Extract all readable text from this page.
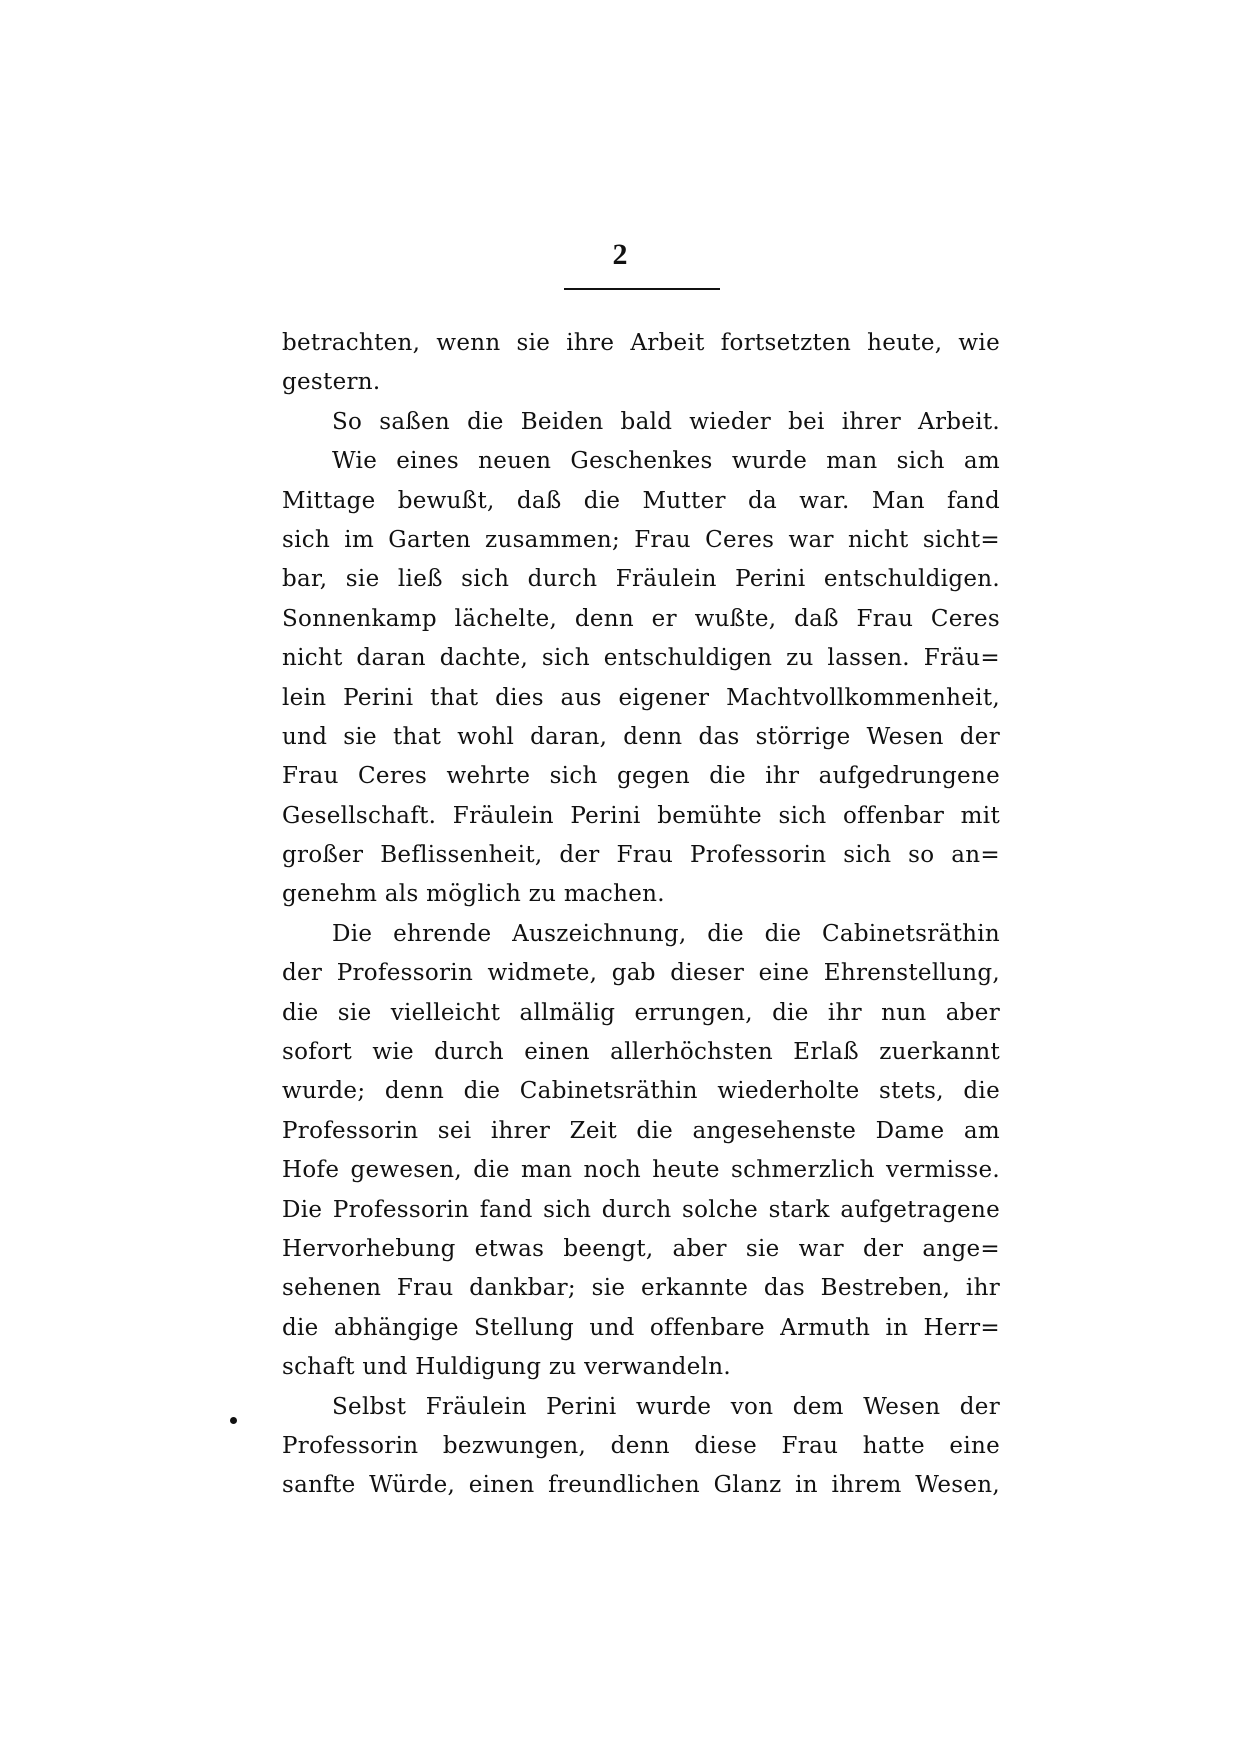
2
betrachten, wenn sie ihre Arbeit fortsetzten heute, wie
gestern.
So saßen die Beiden bald wieder bei ihrer Arbeit.
Wie eines neuen Geschenkes wurde man sich am
Mittage bewußt, daß die Mutter da war. Man fand
sich im Garten zusammen; Frau Ceres war nicht sicht=
bar, sie ließ sich durch Fräulein Perini entschuldigen.
Sonnenkamp lächelte, denn er wußte, daß Frau Ceres
nicht daran dachte, sich entschuldigen zu lassen. Fräu=
lein Perini that dies aus eigener Machtvollkommenheit,
und sie that wohl daran, denn das störrige Wesen der
Frau Ceres wehrte sich gegen die ihr aufgedrungene
Gesellschaft. Fräulein Perini bemühte sich offenbar mit
großer Beflissenheit, der Frau Professorin sich so an=
genehm als möglich zu machen.
Die ehrende Auszeichnung, die die Cabinetsräthin
der Professorin widmete, gab dieser eine Ehrenstellung,
die sie vielleicht allmälig errungen, die ihr nun aber
sofort wie durch einen allerhöchsten Erlaß zuerkannt
wurde; denn die Cabinetsräthin wiederholte stets, die
Professorin sei ihrer Zeit die angesehenste Dame am
Hofe gewesen, die man noch heute schmerzlich vermisse.
Die Professorin fand sich durch solche stark aufgetragene
Hervorhebung etwas beengt, aber sie war der ange=
sehenen Frau dankbar; sie erkannte das Bestreben, ihr
die abhängige Stellung und offenbare Armuth in Herr=
schaft und Huldigung zu verwandeln.
Selbst Fräulein Perini wurde von dem Wesen der
Professorin bezwungen, denn diese Frau hatte eine
sanfte Würde, einen freundlichen Glanz in ihrem Wesen,
